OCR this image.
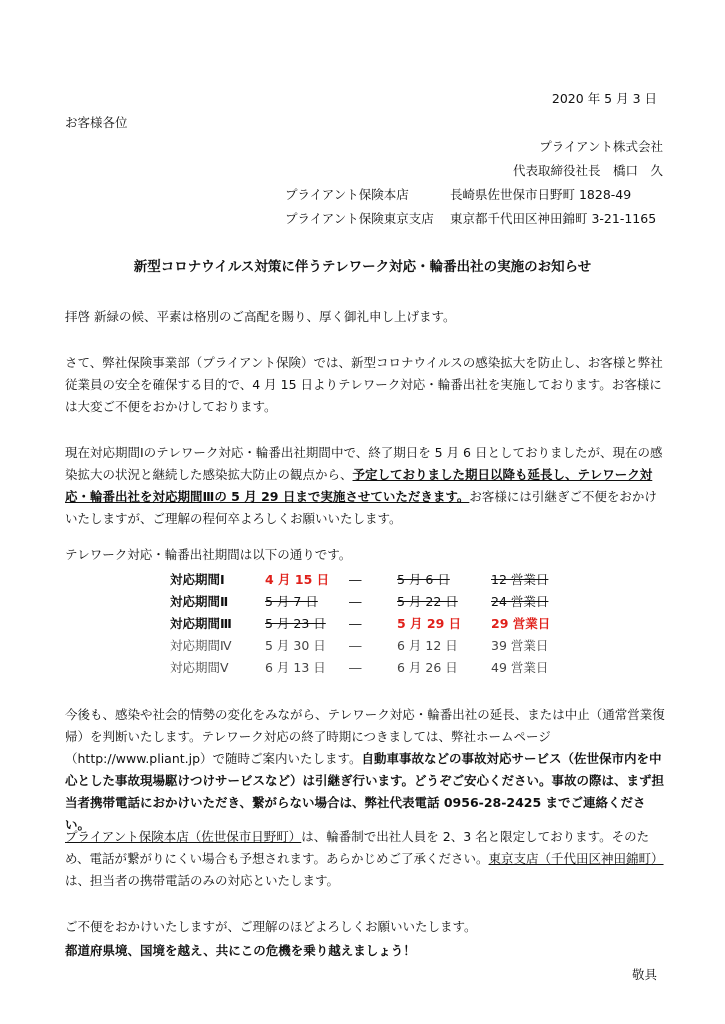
2020 年 5 月 3 日
お客様各位
プライアント株式会社
代表取締役社長　橋口　久
プライアント保険本店	長崎県佐世保市日野町 1828-49
プライアント保険東京支店 東京都千代田区神田錦町 3-21-1165
新型コロナウイルス対策に伴うテレワーク対応・輪番出社の実施のお知らせ

拝啓 新緑の候、平素は格別のご高配を賜り、厚く御礼申し上げます。

さて、弊社保険事業部（プライアント保険）では、新型コロナウイルスの感染拡大を防止し、お客様と弊社従業員の安全を確保する目的で、4 月 15 日よりテレワーク対応・輪番出社を実施しております。お客様には大変ご不便をおかけしております。

現在対応期間Ⅰのテレワーク対応・輪番出社期間中で、終了期日を 5 月 6 日としておりましたが、現在の感染拡大の状況と継続した感染拡大防止の観点から、予定しておりました期日以降も延長し、テレワーク対応・輪番出社を対応期間Ⅲの 5 月 29 日まで実施させていただきます。お客様には引継ぎご不便をおかけいたしますが、ご理解の程何卒よろしくお願いいたします。

テレワーク対応・輪番出社期間は以下の通りです。
対応期間Ⅰ	4 月 15 日	―	5 月 6 日	12 営業日
対応期間Ⅱ	5 月 7 日	―	5 月 22 日	24 営業日
対応期間Ⅲ	5 月 23 日	―	5 月 29 日	29 営業日
対応期間Ⅳ	5 月 30 日	―	6 月 12 日	39 営業日
対応期間Ⅴ	6 月 13 日	―	6 月 26 日	49 営業日

今後も、感染や社会的情勢の変化をみながら、テレワーク対応・輪番出社の延長、または中止（通常営業復帰）を判断いたします。テレワーク対応の終了時期につきましては、弊社ホームページ（http://www.pliant.jp）で随時ご案内いたします。自動車事故などの事故対応サービス（佐世保市内を中心とした事故現場駆けつけサービスなど）は引継ぎ行います。どうぞご安心ください。事故の際は、まず担当者携帯電話におかけいただき、繋がらない場合は、弊社代表電話 0956-28-2425 までご連絡ください。

プライアント保険本店（佐世保市日野町）は、輪番制で出社人員を 2、3 名と限定しております。そのため、電話が繋がりにくい場合も予想されます。あらかじめご了承ください。東京支店（千代田区神田錦町）は、担当者の携帯電話のみの対応といたします。

ご不便をおかけいたしますが、ご理解のほどよろしくお願いいたします。
都道府県境、国境を越え、共にこの危機を乗り越えましょう！
敬具
